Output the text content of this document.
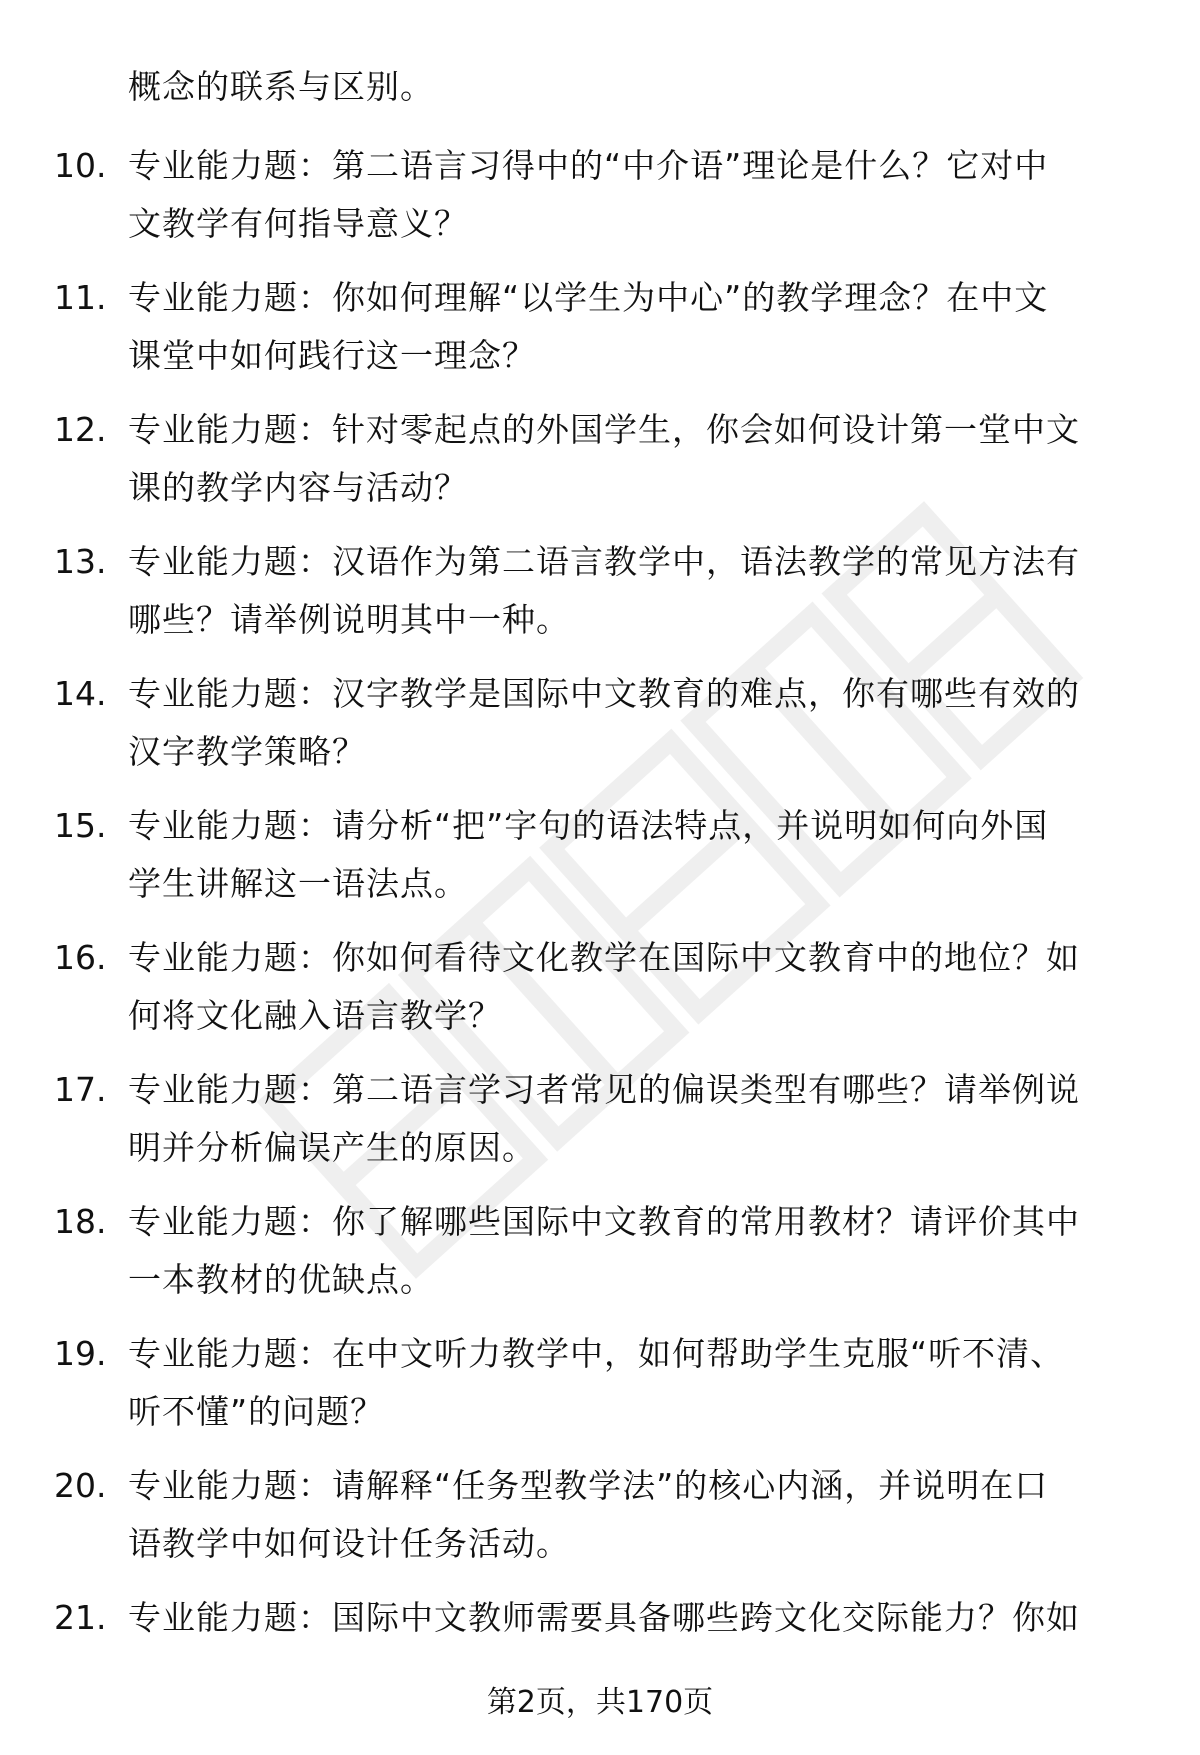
概念的联系与区别。
10. 专业能力题：第二语言习得中的“中介语”理论是什么？它对中
文教学有何指导意义？
11. 专业能力题：你如何理解“以学生为中心”的教学理念？在中文
课堂中如何践行这一理念？
12. 专业能力题：针对零起点的外国学生，你会如何设计第一堂中文
课的教学内容与活动？
13. 专业能力题：汉语作为第二语言教学中，语法教学的常见方法有
哪些？请举例说明其中一种。
14. 专业能力题：汉字教学是国际中文教育的难点，你有哪些有效的
汉字教学策略？
15. 专业能力题：请分析“把”字句的语法特点，并说明如何向外国
学生讲解这一语法点。
16. 专业能力题：你如何看待文化教学在国际中文教育中的地位？如
何将文化融入语言教学？
17. 专业能力题：第二语言学习者常见的偏误类型有哪些？请举例说
明并分析偏误产生的原因。
18. 专业能力题：你了解哪些国际中文教育的常用教材？请评价其中
一本教材的优缺点。
19. 专业能力题：在中文听力教学中，如何帮助学生克服“听不清、
听不懂”的问题？
20. 专业能力题：请解释“任务型教学法”的核心内涵，并说明在口
语教学中如何设计任务活动。
21. 专业能力题：国际中文教师需要具备哪些跨文化交际能力？你如
第2页，共170页
